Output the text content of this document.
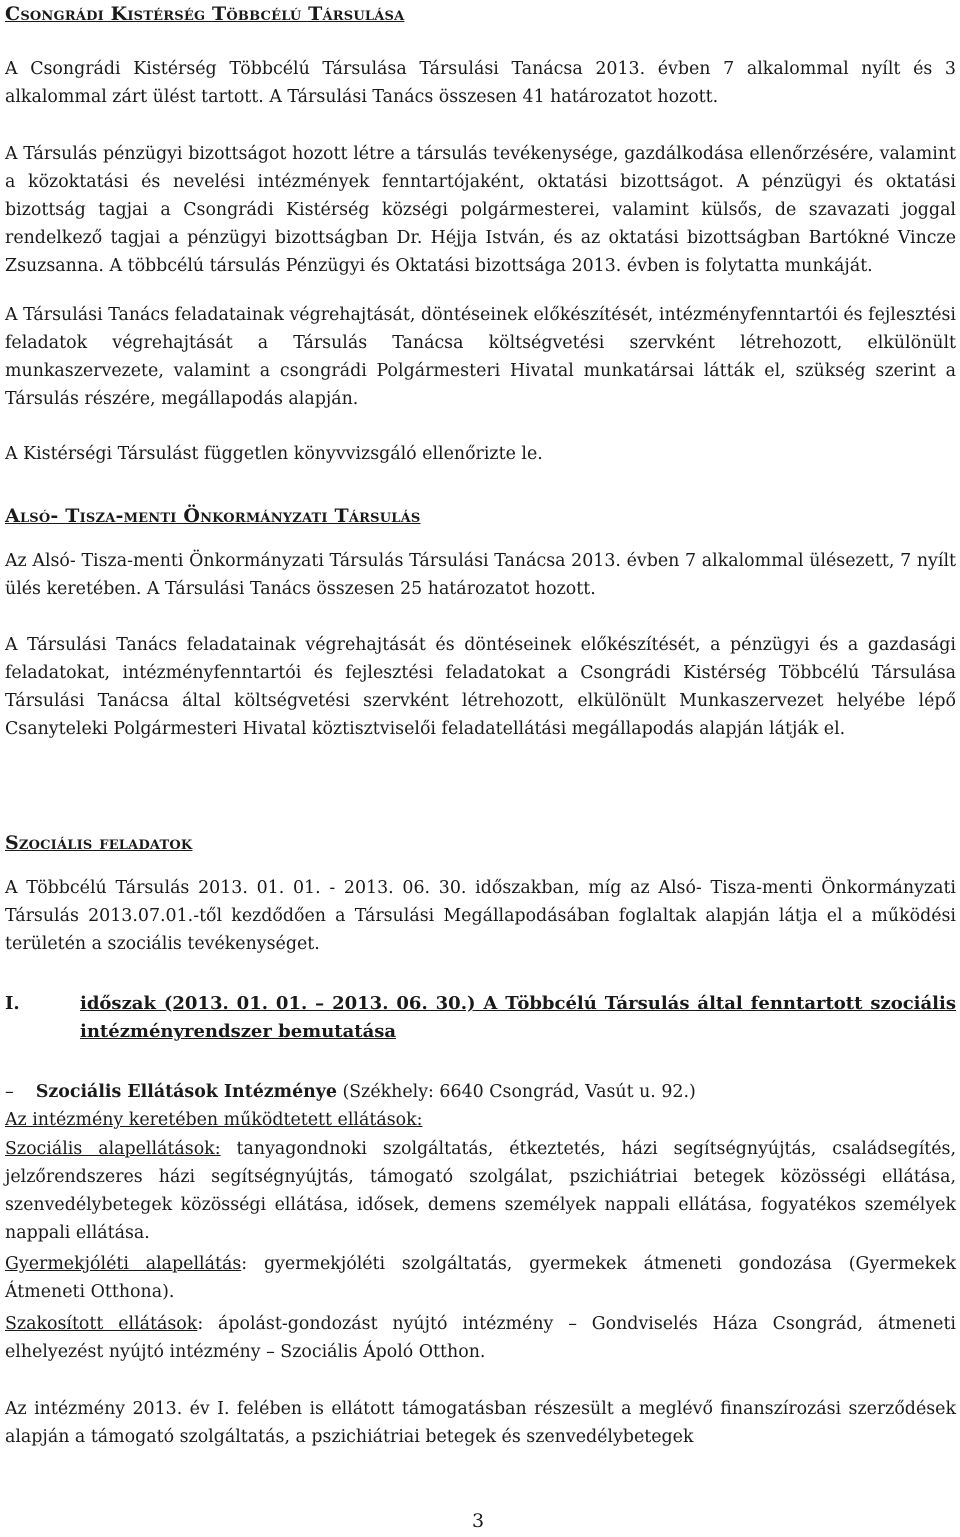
Csongrádi Kistérség Többcélú Társulása

A Csongrádi Kistérség Többcélú Társulása Társulási Tanácsa 2013. évben 7 alkalommal nyílt és 3 alkalommal zárt ülést tartott. A Társulási Tanács összesen 41 határozatot hozott.

A Társulás pénzügyi bizottságot hozott létre a társulás tevékenysége, gazdálkodása ellenőrzésére, valamint a közoktatási és nevelési intézmények fenntartójaként, oktatási bizottságot. A pénzügyi és oktatási bizottság tagjai a Csongrádi Kistérség községi polgármesterei, valamint külsős, de szavazati joggal rendelkező tagjai a pénzügyi bizottságban Dr. Héjja István, és az oktatási bizottságban Bartókné Vincze Zsuzsanna. A többcélú társulás Pénzügyi és Oktatási bizottsága 2013. évben is folytatta munkáját.

A Társulási Tanács feladatainak végrehajtását, döntéseinek előkészítését, intézményfenntartói és fejlesztési feladatok végrehajtását a Társulás Tanácsa költségvetési szervként létrehozott, elkülönült munkaszervezete, valamint a csongrádi Polgármesteri Hivatal munkatársai látták el, szükség szerint a Társulás részére, megállapodás alapján.

A Kistérségi Társulást független könyvvizsgáló ellenőrizte le.

Alsó- Tisza-menti Önkormányzati Társulás

Az Alsó- Tisza-menti Önkormányzati Társulás Társulási Tanácsa 2013. évben 7 alkalommal ülésezett, 7 nyílt ülés keretében. A Társulási Tanács összesen 25 határozatot hozott.

A Társulási Tanács feladatainak végrehajtását és döntéseinek előkészítését, a pénzügyi és a gazdasági feladatokat, intézményfenntartói és fejlesztési feladatokat a Csongrádi Kistérség Többcélú Társulása Társulási Tanácsa által költségvetési szervként létrehozott, elkülönült Munkaszervezet helyébe lépő Csanyteleki Polgármesteri Hivatal köztisztviselői feladatellátási megállapodás alapján látják el.

Szociális feladatok

A Többcélú Társulás 2013. 01. 01. - 2013. 06. 30. időszakban, míg az Alsó- Tisza-menti Önkormányzati Társulás 2013.07.01.-től kezdődően a Társulási Megállapodásában foglaltak alapján látja el a működési területén a szociális tevékenységet.

I.	időszak (2013. 01. 01. – 2013. 06. 30.) A Többcélú Társulás által fenntartott szociális intézményrendszer bemutatása
– Szociális Ellátások Intézménye (Székhely: 6640 Csongrád, Vasút u. 92.)
Az intézmény keretében működtetett ellátások:

Szociális alapellátások: tanyagondnoki szolgáltatás, étkeztetés, házi segítségnyújtás, családsegítés, jelzőrendszeres házi segítségnyújtás, támogató szolgálat, pszichiátriai betegek közösségi ellátása, szenvedélybetegek közösségi ellátása, idősek, demens személyek nappali ellátása, fogyatékos személyek nappali ellátása.

Gyermekjóléti alapellátás: gyermekjóléti szolgáltatás, gyermekek átmeneti gondozása (Gyermekek Átmeneti Otthona).

Szakosított ellátások: ápolást-gondozást nyújtó intézmény – Gondviselés Háza Csongrád, átmeneti elhelyezést nyújtó intézmény – Szociális Ápoló Otthon.

Az intézmény 2013. év I. felében is ellátott támogatásban részesült a meglévő finanszírozási szerződések alapján a támogató szolgáltatás, a pszichiátriai betegek és szenvedélybetegek

3
